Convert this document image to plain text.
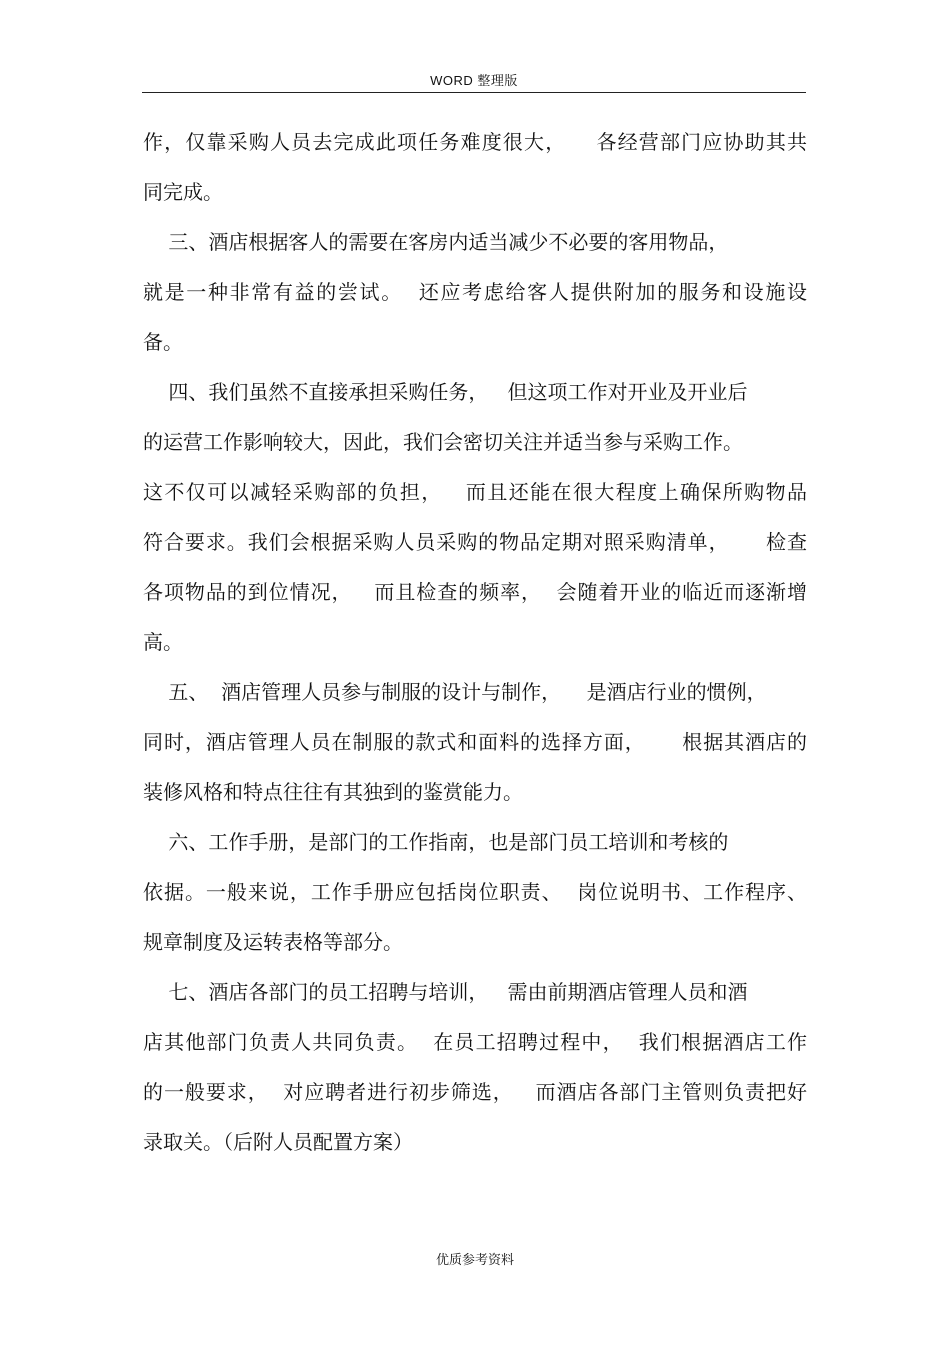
WORD 整理版
作，仅靠采购人员去完成此项任务难度很大，    各经营部门应协助其共
同完成。
三、酒店根据客人的需要在客房内适当减少不必要的客用物品，
就是一种非常有益的尝试。  还应考虑给客人提供附加的服务和设施设
备。
四、我们虽然不直接承担采购任务，   但这项工作对开业及开业后
的运营工作影响较大，因此，我们会密切关注并适当参与采购工作。
这不仅可以减轻采购部的负担，   而且还能在很大程度上确保所购物品
符合要求。我们会根据采购人员采购的物品定期对照采购清单，     检查
各项物品的到位情况，   而且检查的频率，  会随着开业的临近而逐渐增
高。
五、  酒店管理人员参与制服的设计与制作，    是酒店行业的惯例，
同时，酒店管理人员在制服的款式和面料的选择方面，     根据其酒店的
装修风格和特点往往有其独到的鉴赏能力。
六、工作手册，是部门的工作指南，也是部门员工培训和考核的
依据。一般来说，工作手册应包括岗位职责、  岗位说明书、工作程序、
规章制度及运转表格等部分。
七、酒店各部门的员工招聘与培训，   需由前期酒店管理人员和酒
店其他部门负责人共同负责。  在员工招聘过程中，  我们根据酒店工作
的一般要求，  对应聘者进行初步筛选，   而酒店各部门主管则负责把好
录取关。（后附人员配置方案）
优质参考资料
